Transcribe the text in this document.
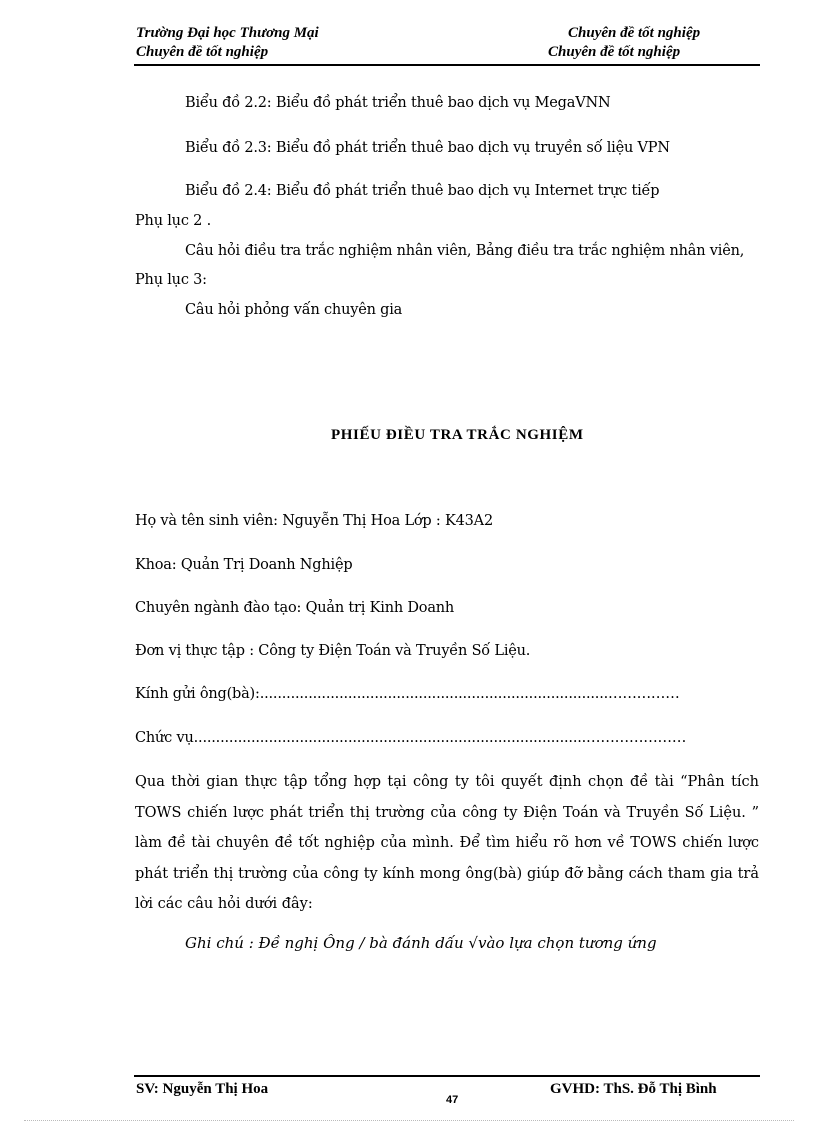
Trường Đại học Thương Mại
Chuyên đề tốt nghiệp
Chuyên đề tốt nghiệp
Chuyên đề tốt nghiệp
Biểu đồ 2.2: Biểu đồ phát triển thuê bao dịch vụ MegaVNN
Biểu đồ 2.3: Biểu đồ phát triển thuê bao dịch vụ truyền số liệu VPN
Biểu đồ 2.4: Biểu đồ phát triển thuê bao dịch vụ Internet trực tiếp
Phụ lục 2 .
Câu hỏi điều tra trắc nghiệm nhân viên, Bảng điều tra trắc nghiệm nhân viên,
Phụ lục 3:
Câu hỏi phỏng vấn chuyên gia
PHIẾU ĐIỀU TRA TRẮC NGHIỆM
Họ và tên sinh viên: Nguyễn Thị Hoa Lớp : K43A2
Khoa: Quản Trị Doanh Nghiệp
Chuyên ngành đào tạo: Quản trị Kinh Doanh
Đơn vị thực tập : Công ty Điện Toán và Truyền Số Liệu.
Kính gửi ông(bà):...............................................................................……………
Chức vụ.........................................................................................…………………
Qua thời gian thực tập tổng hợp tại công ty tôi quyết định chọn đề tài “Phân tích TOWS chiến lược phát triển thị trường của công ty Điện Toán và Truyền Số Liệu. ” làm đề tài chuyên đề tốt nghiệp của mình. Để tìm hiểu rõ hơn về TOWS chiến lược phát triển thị trường của công ty kính mong ông(bà) giúp đỡ bằng cách tham gia trả lời các câu hỏi dưới đây:
Ghi chú : Đề nghị Ông / bà đánh dấu √vào lựa chọn tương ứng
SV: Nguyễn Thị Hoa
47
GVHD: ThS. Đỗ Thị Bình
